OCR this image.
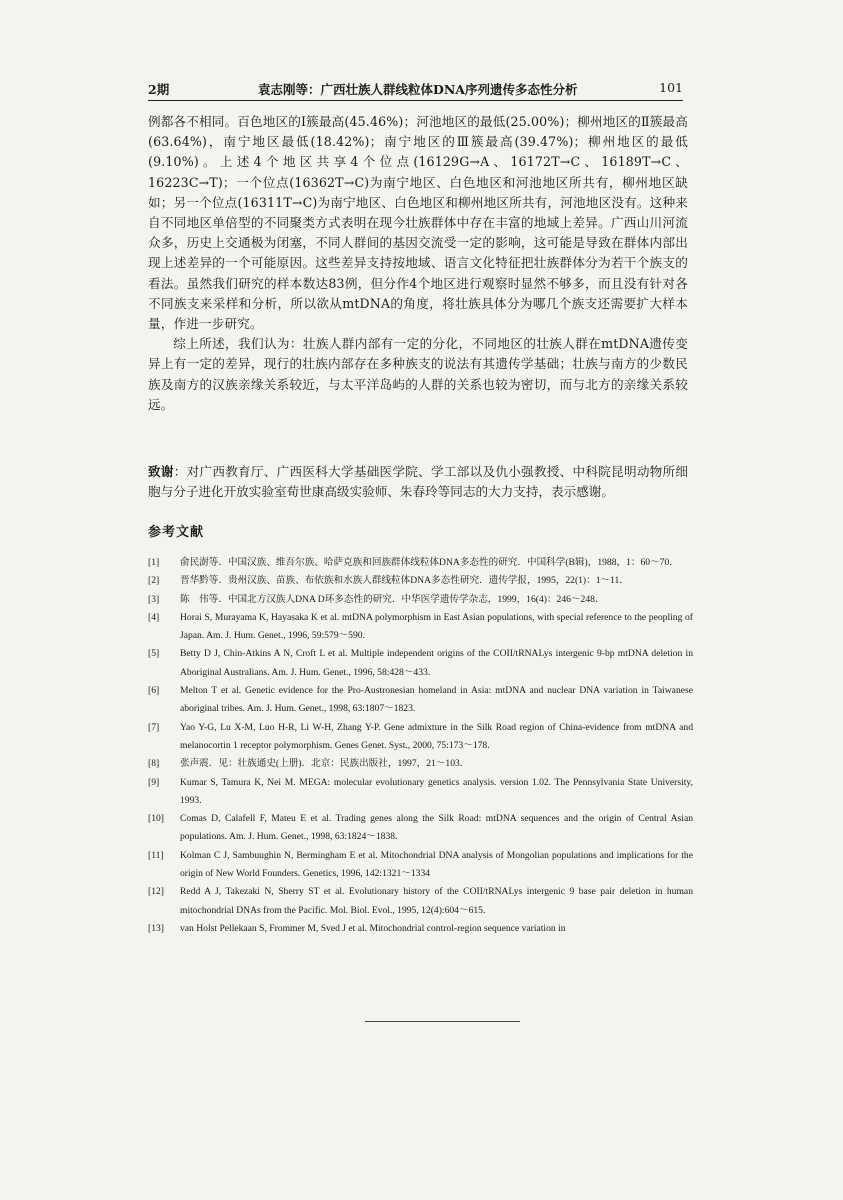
2期	袁志刚等：广西壮族人群线粒体DNA序列遗传多态性分析	101

例都各不相同。百色地区的Ⅰ簇最高(45.46%)；河池地区的最低(25.00%)；柳州地区的Ⅱ簇最高(63.64%)，南宁地区最低(18.42%)；南宁地区的Ⅲ簇最高(39.47%)；柳州地区的最低(9.10%)。上述4个地区共享4个位点(16129G→A、16172T→C、16189T→C、16223C→T)；一个位点(16362T→C)为南宁地区、白色地区和河池地区所共有，柳州地区缺如；另一个位点(16311T→C)为南宁地区、白色地区和柳州地区所共有，河池地区没有。这种来自不同地区单倍型的不同聚类方式表明在现今壮族群体中存在丰富的地域上差异。广西山川河流众多，历史上交通极为闭塞，不同人群间的基因交流受一定的影响，这可能是导致在群体内部出现上述差异的一个可能原因。这些差异支持按地域、语言文化特征把壮族群体分为若干个族支的看法。虽然我们研究的样本数达83例，但分作4个地区进行观察时显然不够多，而且没有针对各不同族支来采样和分析，所以欲从mtDNA的角度，将壮族具体分为哪几个族支还需要扩大样本量，作进一步研究。

综上所述，我们认为：壮族人群内部有一定的分化，不同地区的壮族人群在mtDNA遗传变异上有一定的差异，现行的壮族内部存在多种族支的说法有其遗传学基础；壮族与南方的少数民族及南方的汉族亲缘关系较近，与太平洋岛屿的人群的关系也较为密切，而与北方的亲缘关系较远。

致谢：对广西教育厅、广西医科大学基础医学院、学工部以及仇小强教授、中科院昆明动物所细胞与分子进化开放实验室荀世康高级实验师、朱春玲等同志的大力支持，表示感谢。
参考文献
[1] 俞民澍等．中国汉族、维吾尔族、哈萨克族和回族群体线粒体DNA多态性的研究．中国科学(B辑)，1988，1：60～70．
[2] 晋华黔等．贵州汉族、苗族、布依族和水族人群线粒体DNA多态性研究．遗传学报，1995，22(1)：1～11．
[3] 陈　伟等．中国北方汉族人DNA D环多态性的研究．中华医学遗传学杂志，1999，16(4)：246～248．
[4] Horai S, Murayama K, Hayasaka K et al. mtDNA polymorphism in East Asian populations, with special reference to the peopling of Japan. Am. J. Hum. Genet., 1996, 59:579～590.
[5] Betty D J, Chin-Atkins A N, Croft L et al. Multiple independent origins of the COII/tRNALys intergenic 9-bp mtDNA deletion in Aboriginal Australians. Am. J. Hum. Genet., 1996, 58:428～433.
[6] Melton T et al. Genetic evidence for the Pro-Austronesian homeland in Asia: mtDNA and nuclear DNA variation in Taiwanese aboriginal tribes. Am. J. Hum. Genet., 1998, 63:1807～1823.
[7] Yao Y-G, Lu X-M, Luo H-R, Li W-H, Zhang Y-P. Gene admixture in the Silk Road region of China-evidence from mtDNA and melanocortin 1 receptor polymorphism. Genes Genet. Syst., 2000, 75:173～178.
[8] 张声震．见：壮族通史(上册)．北京：民族出版社，1997，21～103．
[9] Kumar S, Tamura K, Nei M. MEGA: molecular evolutionary genetics analysis. version 1.02. The Pennsylvania State University, 1993.
[10] Comas D, Calafell F, Mateu E et al. Trading genes along the Silk Road: mtDNA sequences and the origin of Central Asian populations. Am. J. Hum. Genet., 1998, 63:1824～1838.
[11] Kolman C J, Sambuughin N, Bermingham E et al. Mitochondrial DNA analysis of Mongolian populations and implications for the origin of New World Founders. Genetics, 1996, 142:1321～1334
[12] Redd A J, Takezaki N, Sherry ST et al. Evolutionary history of the COII/tRNALys intergenic 9 base pair deletion in human mitochondrial DNAs from the Pacific. Mol. Biol. Evol., 1995, 12(4):604～615.
[13] van Holst Pellekaan S, Frommer M, Sved J et al. Mitochondrial control-region sequence variation in
